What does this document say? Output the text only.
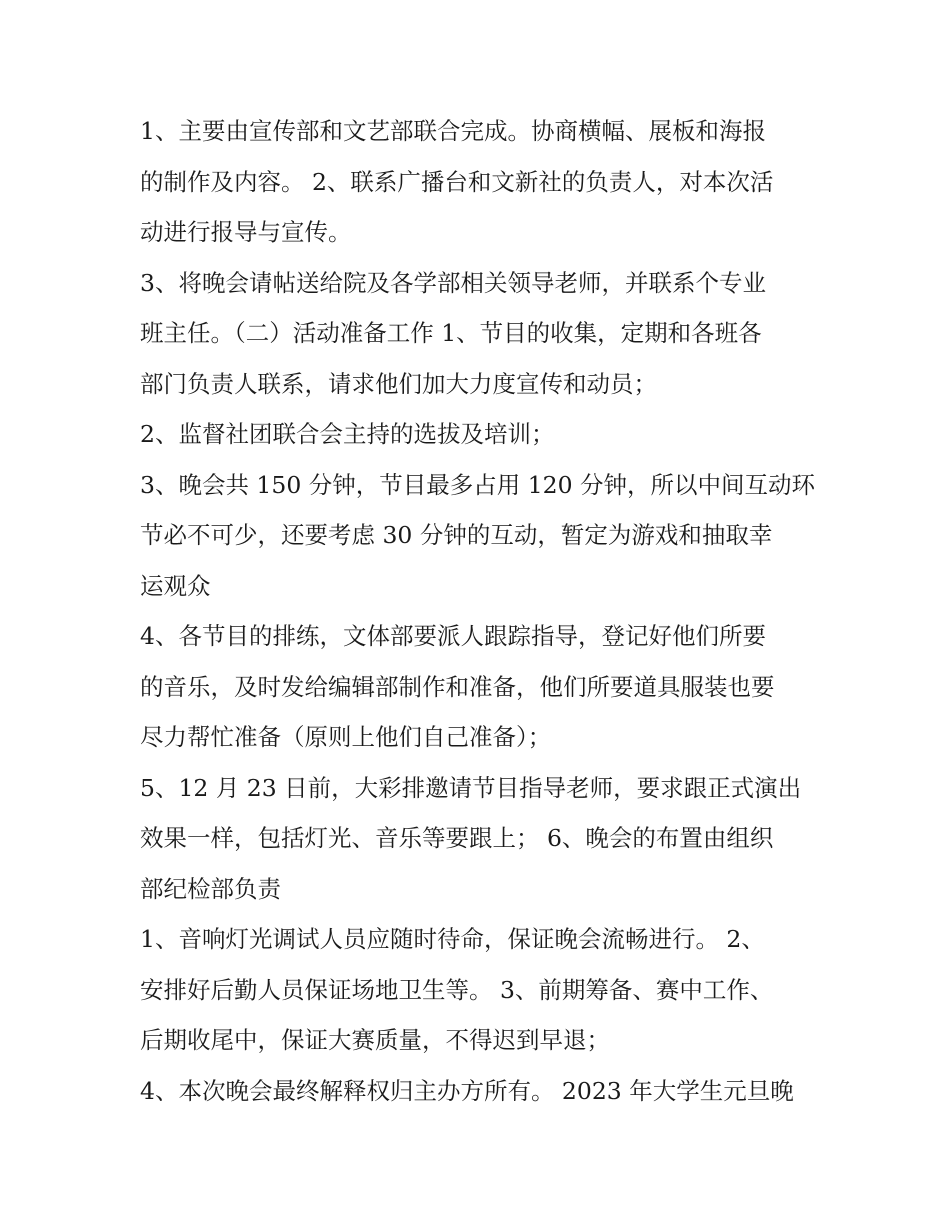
1、主要由宣传部和文艺部联合完成。协商横幅、展板和海报
的制作及内容。 2、联系广播台和文新社的负责人，对本次活
动进行报导与宣传。

3、将晚会请帖送给院及各学部相关领导老师，并联系个专业
班主任。（二）活动准备工作 1、节目的收集，定期和各班各
部门负责人联系，请求他们加大力度宣传和动员；

2、监督社团联合会主持的选拔及培训；

3、晚会共 150 分钟，节目最多占用 120 分钟，所以中间互动环
节必不可少，还要考虑 30 分钟的互动，暂定为游戏和抽取幸
运观众

4、各节目的排练，文体部要派人跟踪指导，登记好他们所要
的音乐，及时发给编辑部制作和准备，他们所要道具服装也要
尽力帮忙准备（原则上他们自己准备）；

5、12 月 23 日前，大彩排邀请节目指导老师，要求跟正式演出
效果一样，包括灯光、音乐等要跟上； 6、晚会的布置由组织
部纪检部负责

1、音响灯光调试人员应随时待命，保证晚会流畅进行。 2、
安排好后勤人员保证场地卫生等。 3、前期筹备、赛中工作、
后期收尾中，保证大赛质量，不得迟到早退；

4、本次晚会最终解释权归主办方所有。 2023 年大学生元旦晚
